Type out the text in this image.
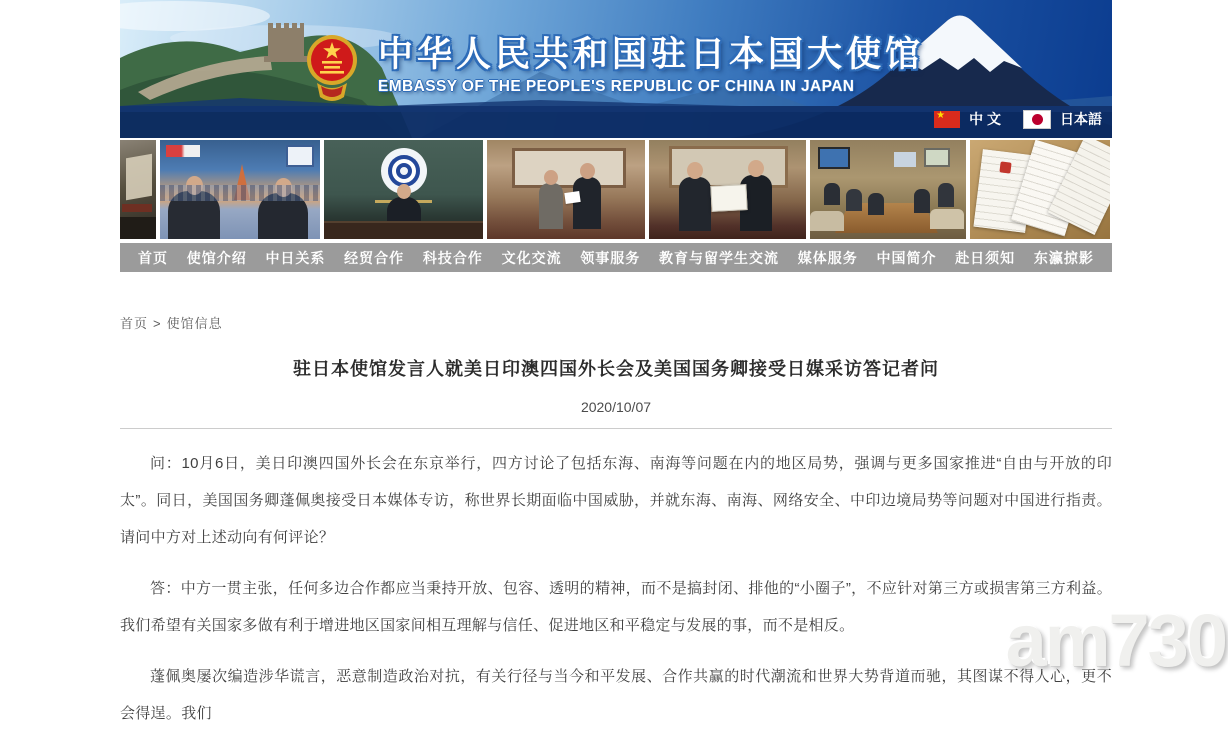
中华人民共和国驻日本国大使馆
EMBASSY OF THE PEOPLE'S REPUBLIC OF CHINA IN JAPAN
★
中 文	日本語
首页 使馆介绍 中日关系 经贸合作 科技合作 文化交流 领事服务 教育与留学生交流 媒体服务 中国简介 赴日须知 东瀛掠影
首页 > 使馆信息
驻日本使馆发言人就美日印澳四国外长会及美国国务卿接受日媒采访答记者问
2020/10/07

问：10月6日，美日印澳四国外长会在东京举行，四方讨论了包括东海、南海等问题在内的地区局势，强调与更多国家推进“自由与开放的印太”。同日，美国国务卿蓬佩奥接受日本媒体专访，称世界长期面临中国威胁，并就东海、南海、网络安全、中印边境局势等问题对中国进行指责。请问中方对上述动向有何评论？

答：中方一贯主张，任何多边合作都应当秉持开放、包容、透明的精神，而不是搞封闭、排他的“小圈子”，不应针对第三方或损害第三方利益。我们希望有关国家多做有利于增进地区国家间相互理解与信任、促进地区和平稳定与发展的事，而不是相反。

蓬佩奥屡次编造涉华谎言，恶意制造政治对抗，有关行径与当今和平发展、合作共赢的时代潮流和世界大势背道而驰，其图谋不得人心，更不会得逞。我们

am730
